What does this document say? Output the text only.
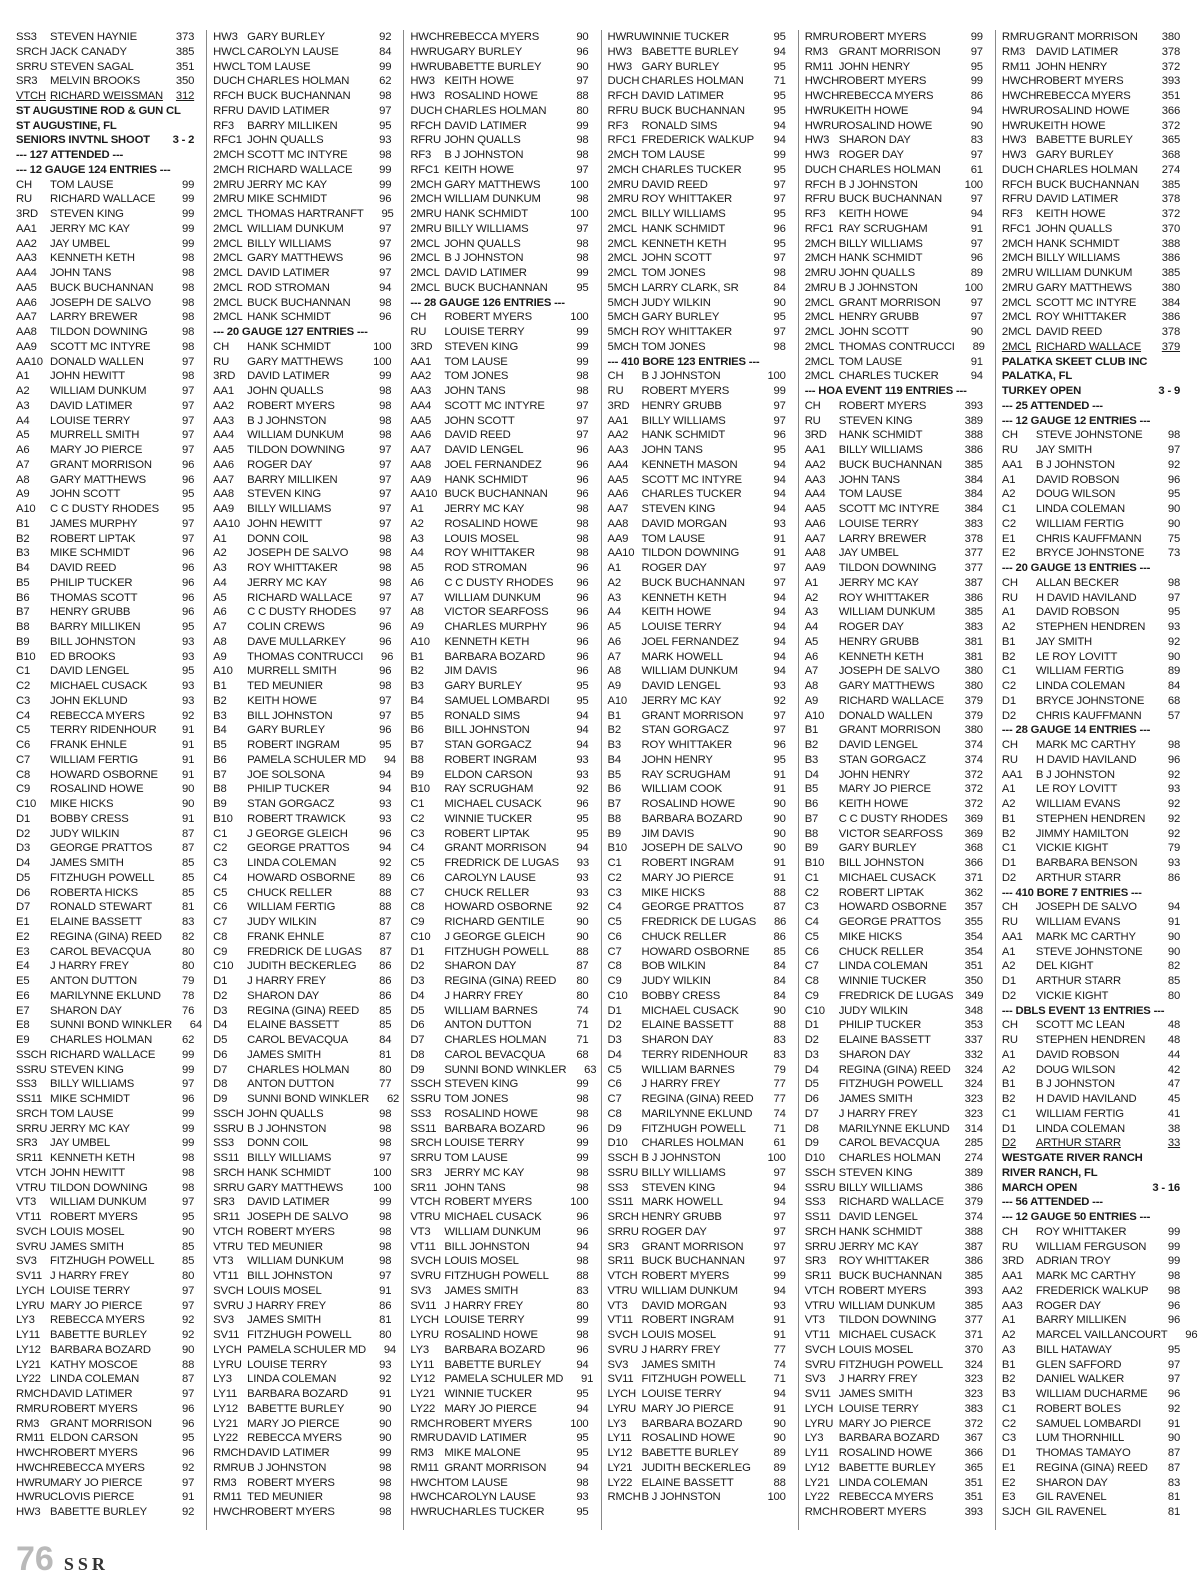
SS3	STEVEN HAYNIE	373
SRCH JACK CANADY	385
SRRU STEVEN SAGAL	351
SR3	MELVIN BROOKS	350
VTCH RICHARD WEISSMAN	312
ST AUGUSTINE ROD & GUN CL
ST AUGUSTINE, FL
SENIORS INVTNL SHOOT	3 - 2
--- 127 ATTENDED ---
--- 12 GAUGE 124 ENTRIES ---
CH	TOM LAUSE	99
RU	RICHARD WALLACE	99
3RD	STEVEN KING	99
AA1	JERRY MC KAY	99
AA2	JAY UMBEL	99
AA3	KENNETH KETH	98
AA4	JOHN TANS	98
AA5	BUCK BUCHANNAN	98
AA6	JOSEPH DE SALVO	98
AA7	LARRY BREWER	98
AA8	TILDON DOWNING	98
AA9	SCOTT MC INTYRE	98
AA10 DONALD WALLEN	97
A1	JOHN HEWITT	98
A2	WILLIAM DUNKUM	97
A3	DAVID LATIMER	97
A4	LOUISE TERRY	97
A5	MURRELL SMITH	97
A6	MARY JO PIERCE	97
A7	GRANT MORRISON	96
A8	GARY MATTHEWS	96
A9	JOHN SCOTT	95
A10	C C DUSTY RHODES	95
B1	JAMES MURPHY	97
B2	ROBERT LIPTAK	97
B3	MIKE SCHMIDT	96
B4	DAVID REED	96
B5	PHILIP TUCKER	96
B6	THOMAS SCOTT	96
B7	HENRY GRUBB	96
B8	BARRY MILLIKEN	95
B9	BILL JOHNSTON	93
B10	ED BROOKS	93
C1	DAVID LENGEL	95
C2	MICHAEL CUSACK	93
C3	JOHN EKLUND	93
C4	REBECCA MYERS	92
C5	TERRY RIDENHOUR	91
C6	FRANK EHNLE	91
C7	WILLIAM FERTIG	91
C8	HOWARD OSBORNE	91
C9	ROSALIND HOWE	90
C10	MIKE HICKS	90
D1	BOBBY CRESS	91
D2	JUDY WILKIN	87
D3	GEORGE PRATTOS	87
D4	JAMES SMITH	85
D5	FITZHUGH POWELL	85
D6	ROBERTA HICKS	85
D7	RONALD STEWART	81
E1	ELAINE BASSETT	83
E2	REGINA (GINA) REED	82
E3	CAROL BEVACQUA	80
E4	J HARRY FREY	80
E5	ANTON DUTTON	79
E6	MARILYNNE EKLUND	78
E7	SHARON DAY	76
E8	SUNNI BOND WINKLER	64
E9	CHARLES HOLMAN	62
SSCH RICHARD WALLACE	99
SSRU STEVEN KING	99
SS3	BILLY WILLIAMS	97
SS11 MIKE SCHMIDT	96
SRCH TOM LAUSE	99
SRRU JERRY MC KAY	99
SR3	JAY UMBEL	99
SR11 KENNETH KETH	98
VTCH JOHN HEWITT	98
VTRU TILDON DOWNING	98
VT3	WILLIAM DUNKUM	97
VT11 ROBERT MYERS	95
SVCH LOUIS MOSEL	90
SVRU JAMES SMITH	85
SV3	FITZHUGH POWELL	85
SV11 J HARRY FREY	80
LYCH LOUISE TERRY	97
LYRU MARY JO PIERCE	97
LY3	REBECCA MYERS	92
LY11 BABETTE BURLEY	92
LY12 BARBARA BOZARD	90
LY21 KATHY MOSCOE	88
LY22 LINDA COLEMAN	87
RMCH DAVID LATIMER	97
RMRU ROBERT MYERS	96
RM3 GRANT MORRISON	96
RM11 ELDON CARSON	95
HWCH ROBERT MYERS	96
HWCH REBECCA MYERS	92
HWRU MARY JO PIERCE	97
HWRU CLOVIS PIERCE	91
HW3 BABETTE BURLEY	92
HW3 GARY BURLEY	92
HWCL CAROLYN LAUSE	84
HWCL TOM LAUSE	99
DUCH CHARLES HOLMAN	62
RFCH BUCK BUCHANNAN	98
RFRU DAVID LATIMER	97
RF3	BARRY MILLIKEN	95
RFC1 JOHN QUALLS	93
2MCH SCOTT MC INTYRE	98
2MCH RICHARD WALLACE	99
2MRU JERRY MC KAY	99
2MRU MIKE SCHMIDT	96
2MCL THOMAS HARTRANFT	95
2MCL WILLIAM DUNKUM	97
2MCL BILLY WILLIAMS	97
2MCL GARY MATTHEWS	96
2MCL DAVID LATIMER	97
2MCL ROD STROMAN	94
2MCL BUCK BUCHANNAN	98
2MCL HANK SCHMIDT	96
--- 20 GAUGE 127 ENTRIES ---
CH	HANK SCHMIDT	100
RU	GARY MATTHEWS	100
3RD	DAVID LATIMER	99
AA1	JOHN QUALLS	98
AA2	ROBERT MYERS	98
AA3	B J JOHNSTON	98
AA4	WILLIAM DUNKUM	98
AA5	TILDON DOWNING	97
AA6	ROGER DAY	97
AA7	BARRY MILLIKEN	97
AA8	STEVEN KING	97
AA9	BILLY WILLIAMS	97
AA10 JOHN HEWITT	97
A1	DONN COIL	98
A2	JOSEPH DE SALVO	98
A3	ROY WHITTAKER	98
A4	JERRY MC KAY	98
A5	RICHARD WALLACE	97
A6	C C DUSTY RHODES	97
A7	COLIN CREWS	96
A8	DAVE MULLARKEY	96
A9	THOMAS CONTRUCCI	96
A10	MURRELL SMITH	96
B1	TED MEUNIER	98
B2	KEITH HOWE	97
B3	BILL JOHNSTON	97
B4	GARY BURLEY	96
B5	ROBERT INGRAM	95
B6	PAMELA SCHULER MD	94
B7	JOE SOLSONA	94
B8	PHILIP TUCKER	94
B9	STAN GORGACZ	93
B10	ROBERT TRAWICK	93
C1	J GEORGE GLEICH	96
C2	GEORGE PRATTOS	94
C3	LINDA COLEMAN	92
C4	HOWARD OSBORNE	89
C5	CHUCK RELLER	88
C6	WILLIAM FERTIG	88
C7	JUDY WILKIN	87
C8	FRANK EHNLE	87
C9	FREDRICK DE LUGAS	87
C10	JUDITH BECKERLEG	86
D1	J HARRY FREY	86
D2	SHARON DAY	86
D3	REGINA (GINA) REED	85
D4	ELAINE BASSETT	85
D5	CAROL BEVACQUA	84
D6	JAMES SMITH	81
D7	CHARLES HOLMAN	80
D8	ANTON DUTTON	77
D9	SUNNI BOND WINKLER	62
SSCH JOHN QUALLS	98
SSRU B J JOHNSTON	98
SS3	DONN COIL	98
SS11 BILLY WILLIAMS	97
SRCH HANK SCHMIDT	100
SRRU GARY MATTHEWS	100
SR3	DAVID LATIMER	99
SR11 JOSEPH DE SALVO	98
VTCH ROBERT MYERS	98
VTRU TED MEUNIER	98
VT3	WILLIAM DUNKUM	98
VT11 BILL JOHNSTON	97
SVCH LOUIS MOSEL	91
SVRU J HARRY FREY	86
SV3	JAMES SMITH	81
SV11 FITZHUGH POWELL	80
LYCH PAMELA SCHULER MD	94
LYRU LOUISE TERRY	93
LY3	LINDA COLEMAN	92
LY11 BARBARA BOZARD	91
LY12 BABETTE BURLEY	90
LY21 MARY JO PIERCE	90
LY22 REBECCA MYERS	90
RMCH DAVID LATIMER	99
RMRU B J JOHNSTON	98
RM3 ROBERT MYERS	98
RM11 TED MEUNIER	98
HWCH ROBERT MYERS	98
HWCH REBECCA MYERS	90
HWRU GARY BURLEY	96
HWRU BABETTE BURLEY	90
HW3 KEITH HOWE	97
HW3 ROSALIND HOWE	88
DUCH CHARLES HOLMAN	80
RFCH DAVID LATIMER	99
RFRU JOHN QUALLS	98
RF3	B J JOHNSTON	98
RFC1 KEITH HOWE	97
2MCH GARY MATTHEWS	100
2MCH WILLIAM DUNKUM	98
2MRU HANK SCHMIDT	100
2MRU BILLY WILLIAMS	97
2MCL JOHN QUALLS	98
2MCL B J JOHNSTON	98
2MCL DAVID LATIMER	99
2MCL BUCK BUCHANNAN	95
--- 28 GAUGE 126 ENTRIES ---
CH	ROBERT MYERS	100
RU	LOUISE TERRY	99
3RD	STEVEN KING	99
AA1	TOM LAUSE	99
AA2	TOM JONES	98
AA3	JOHN TANS	98
AA4	SCOTT MC INTYRE	97
AA5	JOHN SCOTT	97
AA6	DAVID REED	97
AA7	DAVID LENGEL	96
AA8	JOEL FERNANDEZ	96
AA9	HANK SCHMIDT	96
AA10 BUCK BUCHANNAN	96
A1	JERRY MC KAY	98
A2	ROSALIND HOWE	98
A3	LOUIS MOSEL	98
A4	ROY WHITTAKER	98
A5	ROD STROMAN	96
A6	C C DUSTY RHODES	96
A7	WILLIAM DUNKUM	96
A8	VICTOR SEARFOSS	96
A9	CHARLES MURPHY	96
A10	KENNETH KETH	96
B1	BARBARA BOZARD	96
B2	JIM DAVIS	96
B3	GARY BURLEY	95
B4	SAMUEL LOMBARDI	95
B5	RONALD SIMS	94
B6	BILL JOHNSTON	94
B7	STAN GORGACZ	94
B8	ROBERT INGRAM	93
B9	ELDON CARSON	93
B10	RAY SCRUGHAM	92
C1	MICHAEL CUSACK	96
C2	WINNIE TUCKER	95
C3	ROBERT LIPTAK	95
C4	GRANT MORRISON	94
C5	FREDRICK DE LUGAS	93
C6	CAROLYN LAUSE	93
C7	CHUCK RELLER	93
C8	HOWARD OSBORNE	92
C9	RICHARD GENTILE	90
C10	J GEORGE GLEICH	90
D1	FITZHUGH POWELL	88
D2	SHARON DAY	87
D3	REGINA (GINA) REED	80
D4	J HARRY FREY	80
D5	WILLIAM BARNES	74
D6	ANTON DUTTON	71
D7	CHARLES HOLMAN	71
D8	CAROL BEVACQUA	68
D9	SUNNI BOND WINKLER	63
SSCH STEVEN KING	99
SSRU TOM JONES	98
SS3	ROSALIND HOWE	98
SS11 BARBARA BOZARD	96
SRCH LOUISE TERRY	99
SRRU TOM LAUSE	99
SR3	JERRY MC KAY	98
SR11 JOHN TANS	98
VTCH ROBERT MYERS	100
VTRU MICHAEL CUSACK	96
VT3	WILLIAM DUNKUM	96
VT11 BILL JOHNSTON	94
SVCH LOUIS MOSEL	98
SVRU FITZHUGH POWELL	88
SV3	JAMES SMITH	83
SV11 J HARRY FREY	80
LYCH LOUISE TERRY	99
LYRU ROSALIND HOWE	98
LY3	BARBARA BOZARD	96
LY11 BABETTE BURLEY	94
LY12 PAMELA SCHULER MD	91
LY21 WINNIE TUCKER	95
LY22 MARY JO PIERCE	94
RMCH ROBERT MYERS	100
RMRU DAVID LATIMER	95
RM3 MIKE MALONE	95
RM11 GRANT MORRISON	94
HWCH TOM LAUSE	98
HWCH CAROLYN LAUSE	93
HWRU CHARLES TUCKER	95
HWRU WINNIE TUCKER	95
HW3 BABETTE BURLEY	94
HW3 GARY BURLEY	95
DUCH CHARLES HOLMAN	71
RFCH DAVID LATIMER	95
RFRU BUCK BUCHANNAN	95
RF3	RONALD SIMS	94
RFC1 FREDERICK WALKUP	94
2MCH TOM LAUSE	99
2MCH CHARLES TUCKER	95
2MRU DAVID REED	97
2MRU ROY WHITTAKER	97
2MCL BILLY WILLIAMS	95
2MCL HANK SCHMIDT	96
2MCL KENNETH KETH	95
2MCL JOHN SCOTT	97
2MCL TOM JONES	98
5MCH LARRY CLARK, SR	84
5MCH JUDY WILKIN	90
5MCH GARY BURLEY	95
5MCH ROY WHITTAKER	97
5MCH TOM JONES	98
--- 410 BORE 123 ENTRIES ---
CH	B J JOHNSTON	100
RU	ROBERT MYERS	99
3RD	HENRY GRUBB	97
AA1	BILLY WILLIAMS	97
AA2	HANK SCHMIDT	96
AA3	JOHN TANS	95
AA4	KENNETH MASON	94
AA5	SCOTT MC INTYRE	94
AA6	CHARLES TUCKER	94
AA7	STEVEN KING	94
AA8	DAVID MORGAN	93
AA9	TOM LAUSE	91
AA10 TILDON DOWNING	91
A1	ROGER DAY	97
A2	BUCK BUCHANNAN	97
A3	KENNETH KETH	94
A4	KEITH HOWE	94
A5	LOUISE TERRY	94
A6	JOEL FERNANDEZ	94
A7	MARK HOWELL	94
A8	WILLIAM DUNKUM	94
A9	DAVID LENGEL	93
A10	JERRY MC KAY	92
B1	GRANT MORRISON	97
B2	STAN GORGACZ	97
B3	ROY WHITTAKER	96
B4	JOHN HENRY	95
B5	RAY SCRUGHAM	91
B6	WILLIAM COOK	91
B7	ROSALIND HOWE	90
B8	BARBARA BOZARD	90
B9	JIM DAVIS	90
B10	JOSEPH DE SALVO	90
C1	ROBERT INGRAM	91
C2	MARY JO PIERCE	91
C3	MIKE HICKS	88
C4	GEORGE PRATTOS	87
C5	FREDRICK DE LUGAS	86
C6	CHUCK RELLER	86
C7	HOWARD OSBORNE	85
C8	BOB WILKIN	84
C9	JUDY WILKIN	84
C10	BOBBY CRESS	84
D1	MICHAEL CUSACK	90
D2	ELAINE BASSETT	88
D3	SHARON DAY	83
D4	TERRY RIDENHOUR	83
C5	WILLIAM BARNES	79
C6	J HARRY FREY	77
C7	REGINA (GINA) REED	77
C8	MARILYNNE EKLUND	74
D9	FITZHUGH POWELL	71
D10	CHARLES HOLMAN	61
SSCH B J JOHNSTON	100
SSRU BILLY WILLIAMS	97
SS3	STEVEN KING	94
SS11 MARK HOWELL	94
SRCH HENRY GRUBB	97
SRRU ROGER DAY	97
SR3	GRANT MORRISON	97
SR11 BUCK BUCHANNAN	97
VTCH ROBERT MYERS	99
VTRU WILLIAM DUNKUM	94
VT3	DAVID MORGAN	93
VT11 ROBERT INGRAM	91
SVCH LOUIS MOSEL	91
SVRU J HARRY FREY	77
SV3	JAMES SMITH	74
SV11 FITZHUGH POWELL	71
LYCH LOUISE TERRY	94
LYRU MARY JO PIERCE	91
LY3	BARBARA BOZARD	90
LY11 ROSALIND HOWE	90
LY12 BABETTE BURLEY	89
LY21 JUDITH BECKERLEG	89
LY22 ELAINE BASSETT	88
RMCH B J JOHNSTON	100
RMRU ROBERT MYERS	99
RM3 GRANT MORRISON	97
RM11 JOHN HENRY	95
HWCH ROBERT MYERS	99
HWCH REBECCA MYERS	86
HWRU KEITH HOWE	94
HWRU ROSALIND HOWE	90
HW3 SHARON DAY	83
HW3 ROGER DAY	97
DUCH CHARLES HOLMAN	61
RFCH B J JOHNSTON	100
RFRU BUCK BUCHANNAN	97
RF3	KEITH HOWE	94
RFC1 RAY SCRUGHAM	91
2MCH BILLY WILLIAMS	97
2MCH HANK SCHMIDT	96
2MRU JOHN QUALLS	89
2MRU B J JOHNSTON	100
2MCL GRANT MORRISON	97
2MCL HENRY GRUBB	97
2MCL JOHN SCOTT	90
2MCL THOMAS CONTRUCCI	89
2MCL TOM LAUSE	91
2MCL CHARLES TUCKER	94
--- HOA EVENT 119 ENTRIES ---
CH	ROBERT MYERS	393
RU	STEVEN KING	389
3RD	HANK SCHMIDT	388
AA1	BILLY WILLIAMS	386
AA2	BUCK BUCHANNAN	385
AA3	JOHN TANS	384
AA4	TOM LAUSE	384
AA5	SCOTT MC INTYRE	384
AA6	LOUISE TERRY	383
AA7	LARRY BREWER	378
AA8	JAY UMBEL	377
AA9	TILDON DOWNING	377
A1	JERRY MC KAY	387
A2	ROY WHITTAKER	386
A3	WILLIAM DUNKUM	385
A4	ROGER DAY	383
A5	HENRY GRUBB	381
A6	KENNETH KETH	381
A7	JOSEPH DE SALVO	380
A8	GARY MATTHEWS	380
A9	RICHARD WALLACE	379
A10	DONALD WALLEN	379
B1	GRANT MORRISON	380
B2	DAVID LENGEL	374
B3	STAN GORGACZ	374
D4	JOHN HENRY	372
B5	MARY JO PIERCE	372
B6	KEITH HOWE	372
B7	C C DUSTY RHODES	369
B8	VICTOR SEARFOSS	369
B9	GARY BURLEY	368
B10	BILL JOHNSTON	366
C1	MICHAEL CUSACK	371
C2	ROBERT LIPTAK	362
C3	HOWARD OSBORNE	357
C4	GEORGE PRATTOS	355
C5	MIKE HICKS	354
C6	CHUCK RELLER	354
C7	LINDA COLEMAN	351
C8	WINNIE TUCKER	350
C9	FREDRICK DE LUGAS	349
C10	JUDY WILKIN	348
D1	PHILIP TUCKER	353
D2	ELAINE BASSETT	337
D3	SHARON DAY	332
D4	REGINA (GINA) REED	324
D5	FITZHUGH POWELL	324
D6	JAMES SMITH	323
D7	J HARRY FREY	323
D8	MARILYNNE EKLUND	314
D9	CAROL BEVACQUA	285
D10	CHARLES HOLMAN	274
SSCH STEVEN KING	389
SSRU BILLY WILLIAMS	386
SS3	RICHARD WALLACE	379
SS11 DAVID LENGEL	374
SRCH HANK SCHMIDT	388
SRRU JERRY MC KAY	387
SR3	ROY WHITTAKER	386
SR11 BUCK BUCHANNAN	385
VTCH ROBERT MYERS	393
VTRU WILLIAM DUNKUM	385
VT3	TILDON DOWNING	377
VT11 MICHAEL CUSACK	371
SVCH LOUIS MOSEL	370
SVRU FITZHUGH POWELL	324
SV3	J HARRY FREY	323
SV11 JAMES SMITH	323
LYCH LOUISE TERRY	383
LYRU MARY JO PIERCE	372
LY3	BARBARA BOZARD	367
LY11 ROSALIND HOWE	366
LY12 BABETTE BURLEY	365
LY21 LINDA COLEMAN	351
LY22 REBECCA MYERS	351
RMCH ROBERT MYERS	393
RMRU GRANT MORRISON	380
RM3 DAVID LATIMER	378
RM11 JOHN HENRY	372
HWCH ROBERT MYERS	393
HWCH REBECCA MYERS	351
HWRU ROSALIND HOWE	366
HWRU KEITH HOWE	372
HW3 BABETTE BURLEY	365
HW3 GARY BURLEY	368
DUCH CHARLES HOLMAN	274
RFCH BUCK BUCHANNAN	385
RFRU DAVID LATIMER	378
RF3	KEITH HOWE	372
RFC1 JOHN QUALLS	370
2MCH HANK SCHMIDT	388
2MCH BILLY WILLIAMS	386
2MRU WILLIAM DUNKUM	385
2MRU GARY MATTHEWS	380
2MCL SCOTT MC INTYRE	384
2MCL ROY WHITTAKER	386
2MCL DAVID REED	378
2MCL RICHARD WALLACE	379
PALATKA SKEET CLUB INC
PALATKA, FL
TURKEY OPEN	3 - 9
--- 25 ATTENDED ---
--- 12 GAUGE 12 ENTRIES ---
CH	STEVE JOHNSTONE	98
RU	JAY SMITH	97
AA1	B J JOHNSTON	92
A1	DAVID ROBSON	96
A2	DOUG WILSON	95
C1	LINDA COLEMAN	90
C2	WILLIAM FERTIG	90
E1	CHRIS KAUFFMANN	75
E2	BRYCE JOHNSTONE	73
--- 20 GAUGE 13 ENTRIES ---
CH	ALLAN BECKER	98
RU	H DAVID HAVILAND	97
A1	DAVID ROBSON	95
A2	STEPHEN HENDREN	93
B1	JAY SMITH	92
B2	LE ROY LOVITT	90
C1	WILLIAM FERTIG	89
C2	LINDA COLEMAN	84
D1	BRYCE JOHNSTONE	68
D2	CHRIS KAUFFMANN	57
--- 28 GAUGE 14 ENTRIES ---
CH	MARK MC CARTHY	98
RU	H DAVID HAVILAND	96
AA1	B J JOHNSTON	92
A1	LE ROY LOVITT	93
A2	WILLIAM EVANS	92
B1	STEPHEN HENDREN	92
B2	JIMMY HAMILTON	92
C1	VICKIE KIGHT	79
D1	BARBARA BENSON	93
D2	ARTHUR STARR	86
--- 410 BORE 7 ENTRIES ---
CH	JOSEPH DE SALVO	94
RU	WILLIAM EVANS	91
AA1	MARK MC CARTHY	90
A1	STEVE JOHNSTONE	90
A2	DEL KIGHT	82
D1	ARTHUR STARR	85
D2	VICKIE KIGHT	80
--- DBLS EVENT 13 ENTRIES ---
CH	SCOTT MC LEAN	48
RU	STEPHEN HENDREN	48
A1	DAVID ROBSON	44
A2	DOUG WILSON	42
B1	B J JOHNSTON	47
B2	H DAVID HAVILAND	45
C1	WILLIAM FERTIG	41
D1	LINDA COLEMAN	38
D2	ARTHUR STARR	33
WESTGATE RIVER RANCH
RIVER RANCH, FL
MARCH OPEN	3 - 16
--- 56 ATTENDED ---
--- 12 GAUGE 50 ENTRIES ---
CH	ROY WHITTAKER	99
RU	WILLIAM FERGUSON	99
3RD	ADRIAN TROY	99
AA1	MARK MC CARTHY	98
AA2	FREDERICK WALKUP	98
AA3	ROGER DAY	96
A1	BARRY MILLIKEN	96
A2	MARCEL VAILLANCOURT	96
A3	BILL HATAWAY	95
B1	GLEN SAFFORD	97
B2	DANIEL WALKER	97
B3	WILLIAM DUCHARME	96
C1	ROBERT BOLES	92
C2	SAMUEL LOMBARDI	91
C3	LUM THORNHILL	90
D1	THOMAS TAMAYO	87
E1	REGINA (GINA) REED	87
E2	SHARON DAY	83
E3	GIL RAVENEL	81
SJCH GIL RAVENEL	81
76 SSR
